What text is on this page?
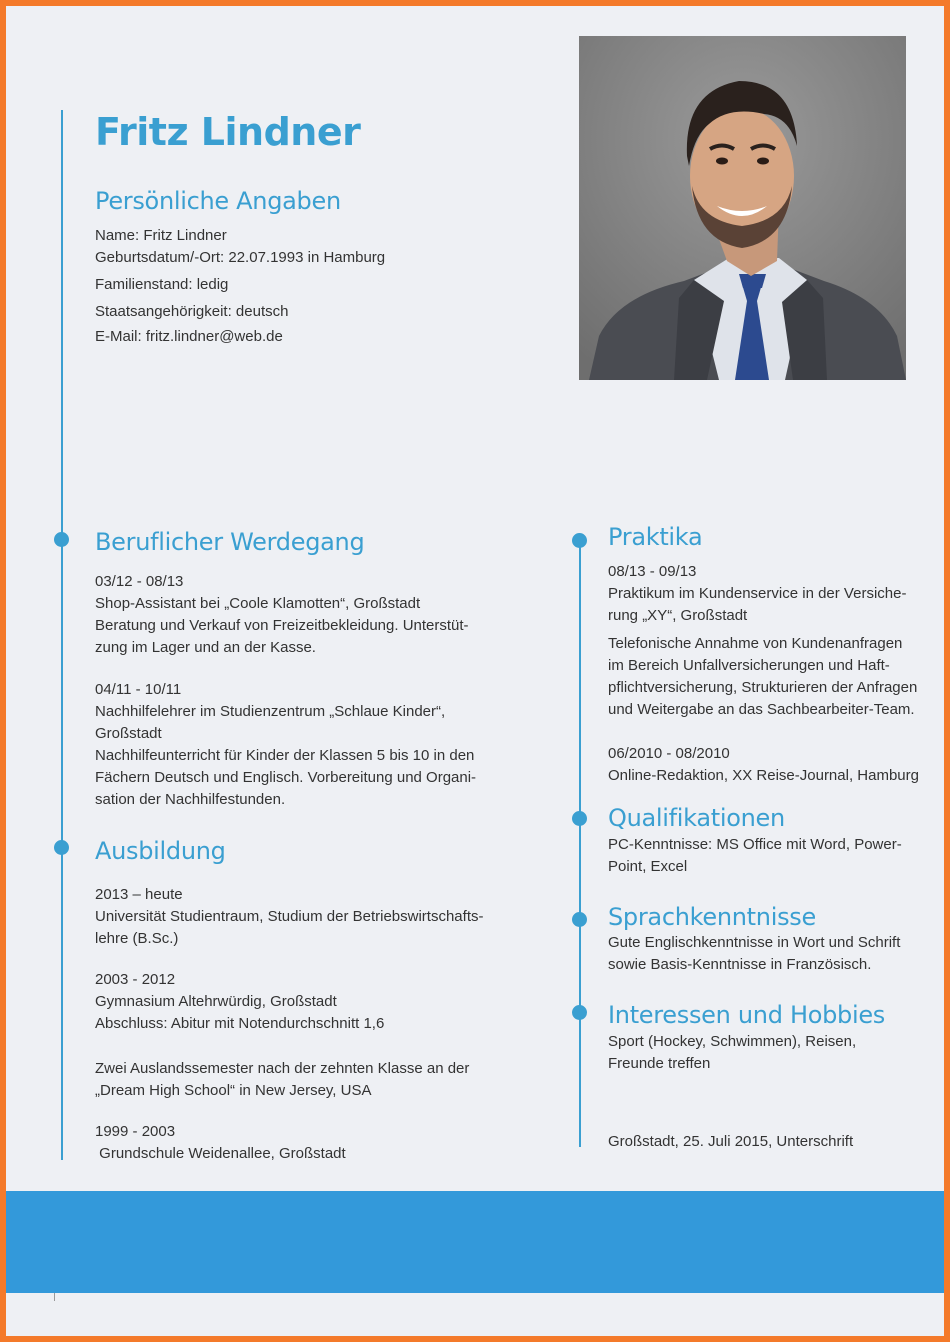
Fritz Lindner
Persönliche Angaben

Name: Fritz Lindner

Geburtsdatum/-Ort: 22.07.1993 in Hamburg

Familienstand: ledig

Staatsangehörigkeit: deutsch

E-Mail: fritz.lindner@web.de

Beruflicher Werdegang

03/12 - 08/13

Shop-Assistant bei „Coole Klamotten“, Großstadt

Beratung und Verkauf von Freizeitbekleidung. Unterstüt-

zung im Lager und an der Kasse.

04/11 - 10/11

Nachhilfelehrer im Studienzentrum „Schlaue Kinder“,

Großstadt

Nachhilfeunterricht für Kinder der Klassen 5 bis 10 in den

Fächern Deutsch und Englisch. Vorbereitung und Organi-

sation der Nachhilfestunden.

Ausbildung

2013 – heute

Universität Studientraum, Studium der Betriebswirtschafts-

lehre (B.Sc.)

2003 - 2012

Gymnasium Altehrwürdig, Großstadt

Abschluss: Abitur mit Notendurchschnitt 1,6

Zwei Auslandssemester nach der zehnten Klasse an der

„Dream High School“ in New Jersey, USA

1999 - 2003

Grundschule Weidenallee, Großstadt

Praktika

08/13 - 09/13

Praktikum im Kundenservice in der Versiche-

rung „XY“, Großstadt

Telefonische Annahme von Kundenanfragen

im Bereich Unfallversicherungen und Haft-

pflichtversicherung, Strukturieren der Anfragen

und Weitergabe an das Sachbearbeiter-Team.

06/2010 - 08/2010

Online-Redaktion, XX Reise-Journal, Hamburg

Qualifikationen

PC-Kenntnisse: MS Office mit Word, Power-

Point, Excel

Sprachkenntnisse

Gute Englischkenntnisse in Wort und Schrift

sowie Basis-Kenntnisse in Französisch.

Interessen und Hobbies

Sport (Hockey, Schwimmen), Reisen,

Freunde treffen

Großstadt, 25. Juli 2015, Unterschrift
